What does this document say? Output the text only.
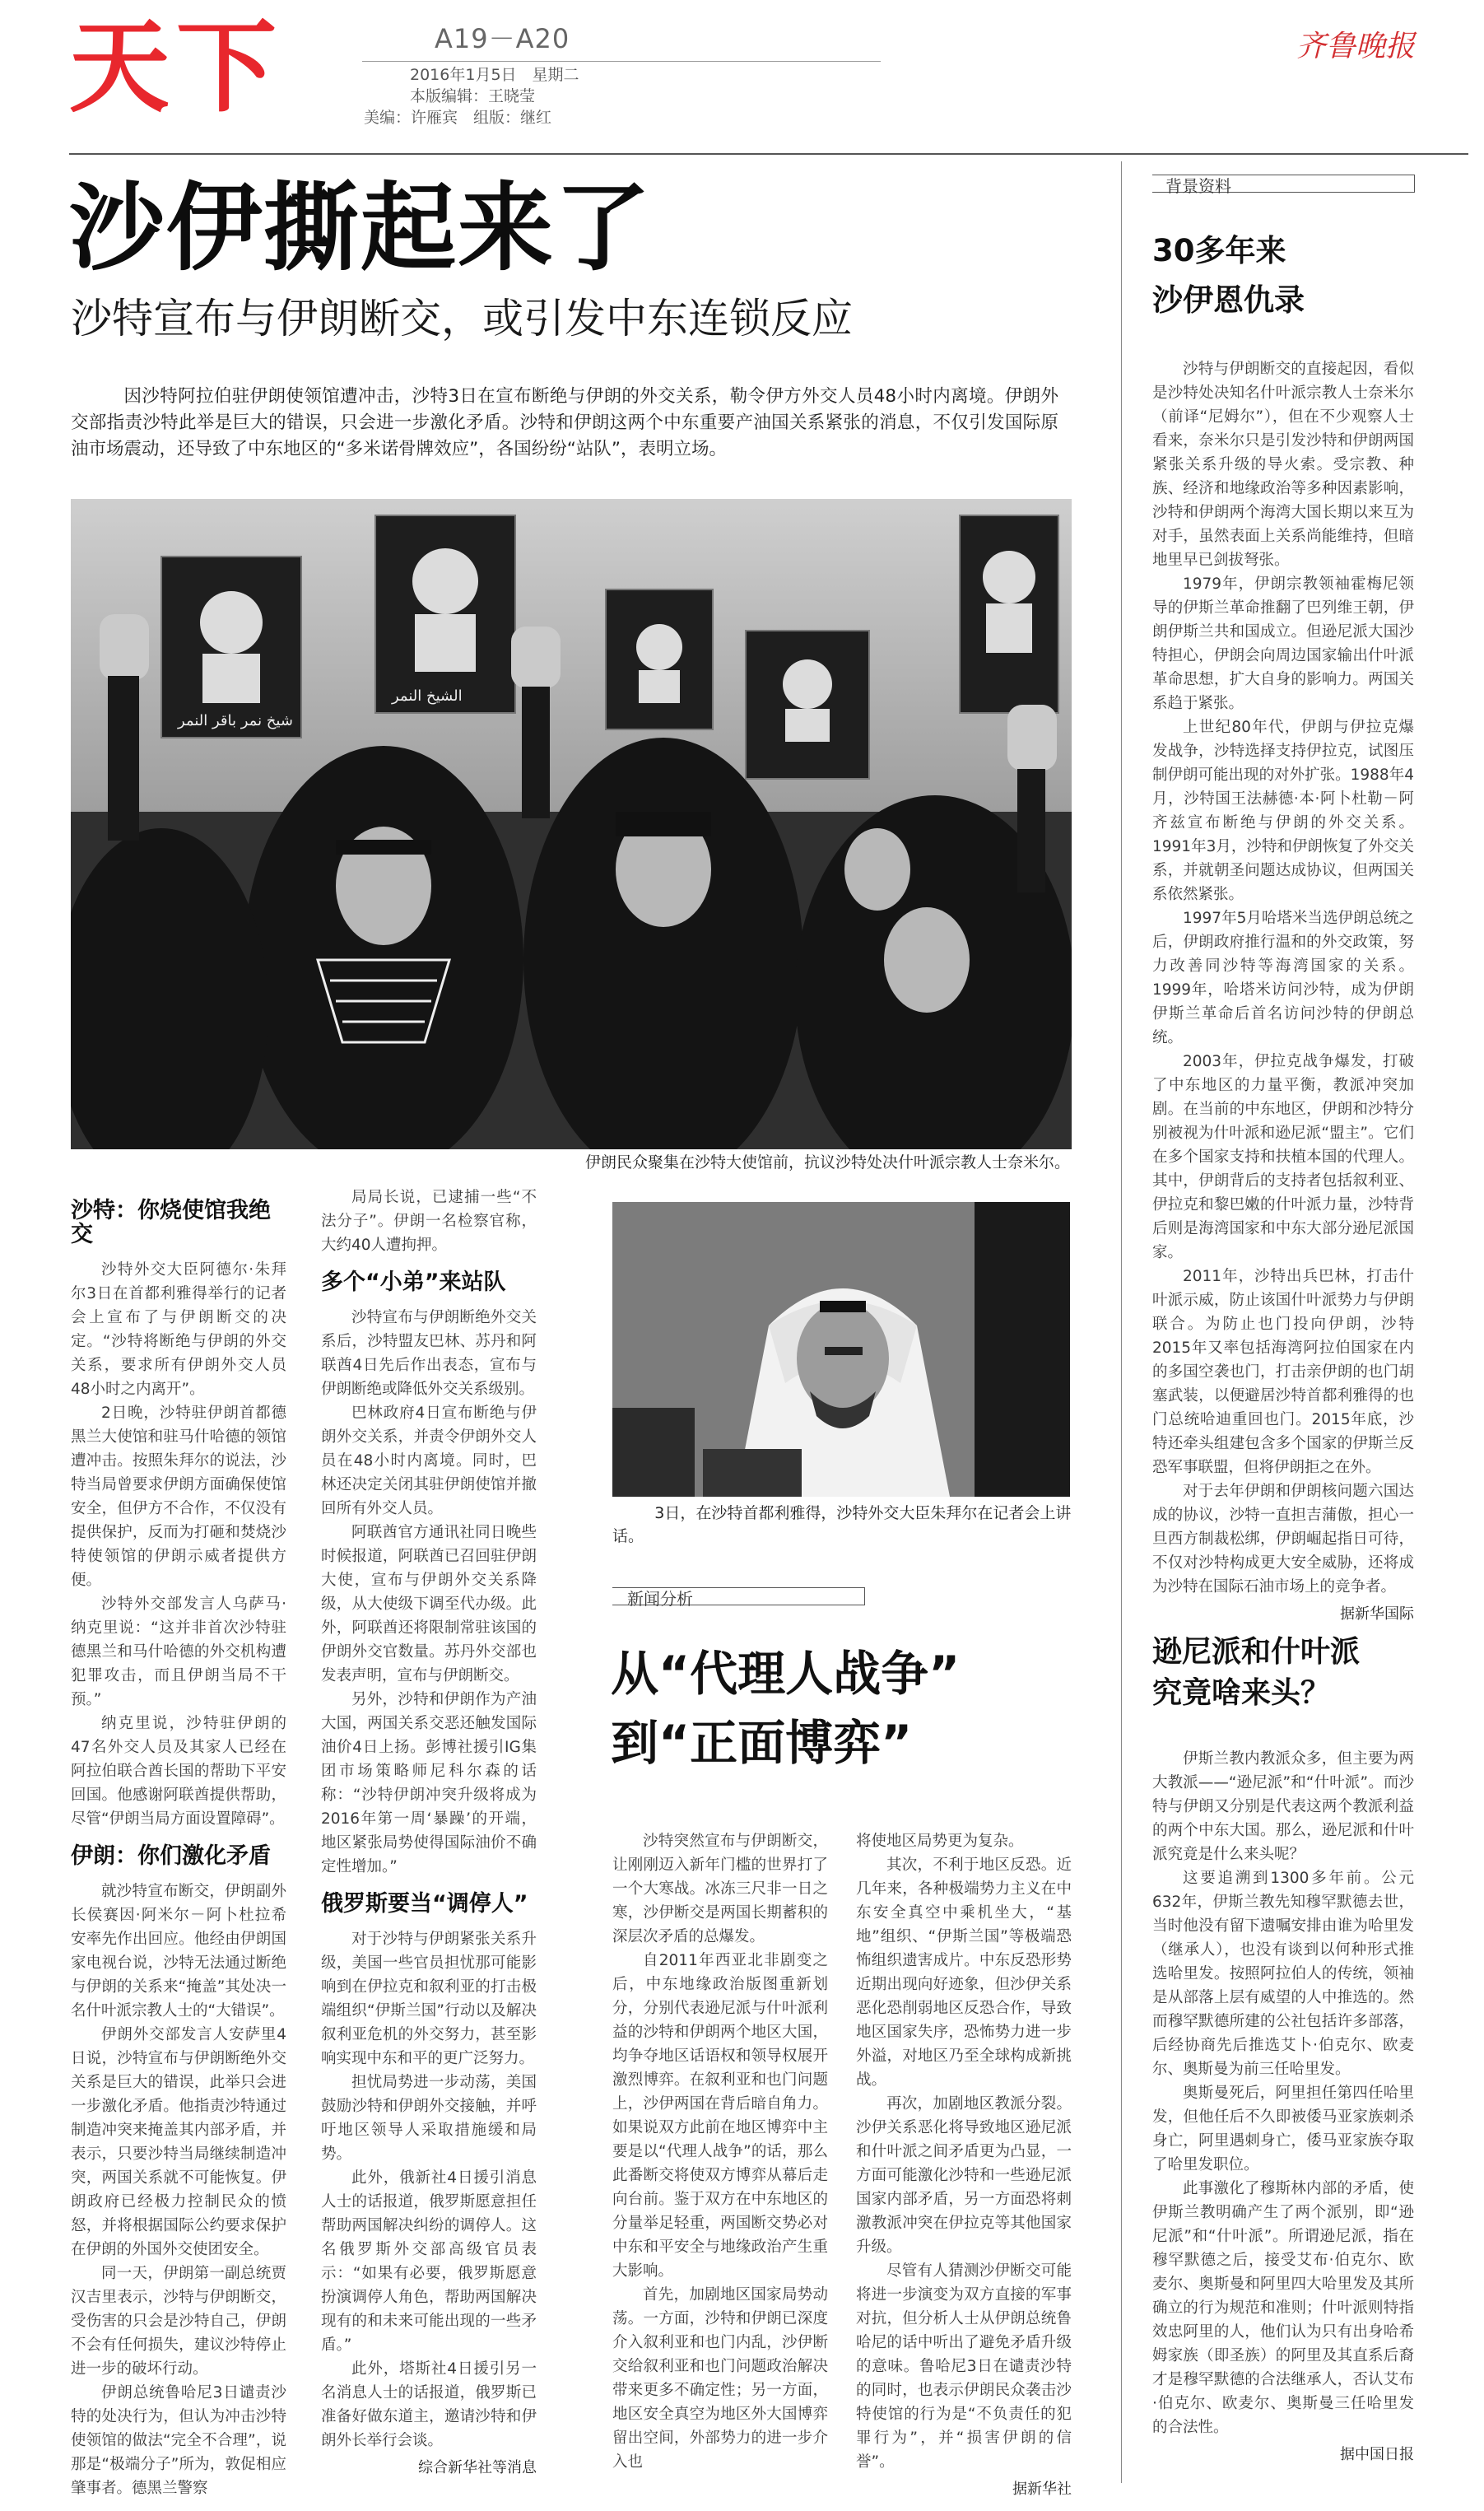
天下	A19－A20
2016年1月5日　星期二
本版编辑：王晓莹
美编：许雁宾　组版：继红
齐鲁晚报
沙伊撕起来了
沙特宣布与伊朗断交，或引发中东连锁反应
因沙特阿拉伯驻伊朗使领馆遭冲击，沙特3日在宣布断绝与伊朗的外交关系，勒令伊方外交人员48小时内离境。伊朗外交部指责沙特此举是巨大的错误，只会进一步激化矛盾。沙特和伊朗这两个中东重要产油国关系紧张的消息，不仅引发国际原油市场震动，还导致了中东地区的“多米诺骨牌效应”，各国纷纷“站队”，表明立场。
شيخ نمر باقر النمر
الشيخ النمر
伊朗民众聚集在沙特大使馆前，抗议沙特处决什叶派宗教人士奈米尔。
沙特：你烧使馆我绝交

沙特外交大臣阿德尔·朱拜尔3日在首都利雅得举行的记者会上宣布了与伊朗断交的决定。“沙特将断绝与伊朗的外交关系，要求所有伊朗外交人员48小时之内离开”。

2日晚，沙特驻伊朗首都德黑兰大使馆和驻马什哈德的领馆遭冲击。按照朱拜尔的说法，沙特当局曾要求伊朗方面确保使馆安全，但伊方不合作，不仅没有提供保护，反而为打砸和焚烧沙特使领馆的伊朗示威者提供方便。

沙特外交部发言人乌萨马·纳克里说：“这并非首次沙特驻德黑兰和马什哈德的外交机构遭犯罪攻击，而且伊朗当局不干预。”

纳克里说，沙特驻伊朗的47名外交人员及其家人已经在阿拉伯联合酋长国的帮助下平安回国。他感谢阿联酋提供帮助，尽管“伊朗当局方面设置障碍”。

伊朗：你们激化矛盾

就沙特宣布断交，伊朗副外长侯赛因·阿米尔－阿卜杜拉希安率先作出回应。他经由伊朗国家电视台说，沙特无法通过断绝与伊朗的关系来“掩盖”其处决一名什叶派宗教人士的“大错误”。

伊朗外交部发言人安萨里4日说，沙特宣布与伊朗断绝外交关系是巨大的错误，此举只会进一步激化矛盾。他指责沙特通过制造冲突来掩盖其内部矛盾，并表示，只要沙特当局继续制造冲突，两国关系就不可能恢复。伊朗政府已经极力控制民众的愤怒，并将根据国际公约要求保护在伊朗的外国外交使团安全。

同一天，伊朗第一副总统贾汉吉里表示，沙特与伊朗断交，受伤害的只会是沙特自己，伊朗不会有任何损失，建议沙特停止进一步的破坏行动。

伊朗总统鲁哈尼3日谴责沙特的处决行为，但认为冲击沙特使领馆的做法“完全不合理”，说那是“极端分子”所为，敦促相应肇事者。德黑兰警察

局局长说，已逮捕一些“不法分子”。伊朗一名检察官称，大约40人遭拘押。

多个“小弟”来站队

沙特宣布与伊朗断绝外交关系后，沙特盟友巴林、苏丹和阿联酋4日先后作出表态，宣布与伊朗断绝或降低外交关系级别。

巴林政府4日宣布断绝与伊朗外交关系，并责令伊朗外交人员在48小时内离境。同时，巴林还决定关闭其驻伊朗使馆并撤回所有外交人员。

阿联酋官方通讯社同日晚些时候报道，阿联酋已召回驻伊朗大使，宣布与伊朗外交关系降级，从大使级下调至代办级。此外，阿联酋还将限制常驻该国的伊朗外交官数量。苏丹外交部也发表声明，宣布与伊朗断交。

另外，沙特和伊朗作为产油大国，两国关系交恶还触发国际油价4日上扬。彭博社援引IG集团市场策略师尼科尔森的话称：“沙特伊朗冲突升级将成为2016年第一周‘暴躁’的开端，地区紧张局势使得国际油价不确定性增加。”

俄罗斯要当“调停人”

对于沙特与伊朗紧张关系升级，美国一些官员担忧那可能影响到在伊拉克和叙利亚的打击极端组织“伊斯兰国”行动以及解决叙利亚危机的外交努力，甚至影响实现中东和平的更广泛努力。

担忧局势进一步动荡，美国鼓励沙特和伊朗外交接触，并呼吁地区领导人采取措施缓和局势。

此外，俄新社4日援引消息人士的话报道，俄罗斯愿意担任帮助两国解决纠纷的调停人。这名俄罗斯外交部高级官员表示：“如果有必要，俄罗斯愿意扮演调停人角色，帮助两国解决现有的和未来可能出现的一些矛盾。”

此外，塔斯社4日援引另一名消息人士的话报道，俄罗斯已准备好做东道主，邀请沙特和伊朗外长举行会谈。

综合新华社等消息
3日，在沙特首都利雅得，沙特外交大臣朱拜尔在记者会上讲话。
新闻分析
从“代理人战争”
到“正面博弈”

沙特突然宣布与伊朗断交，让刚刚迈入新年门槛的世界打了一个大寒战。冰冻三尺非一日之寒，沙伊断交是两国长期蓄积的深层次矛盾的总爆发。

自2011年西亚北非剧变之后，中东地缘政治版图重新划分，分别代表逊尼派与什叶派利益的沙特和伊朗两个地区大国，均争夺地区话语权和领导权展开激烈博弈。在叙利亚和也门问题上，沙伊两国在背后暗自角力。如果说双方此前在地区博弈中主要是以“代理人战争”的话，那么此番断交将使双方博弈从幕后走向台前。鉴于双方在中东地区的分量举足轻重，两国断交势必对中东和平安全与地缘政治产生重大影响。

首先，加剧地区国家局势动荡。一方面，沙特和伊朗已深度介入叙利亚和也门内乱，沙伊断交给叙利亚和也门问题政治解决带来更多不确定性；另一方面，地区安全真空为地区外大国博弈留出空间，外部势力的进一步介入也

将使地区局势更为复杂。

其次，不利于地区反恐。近几年来，各种极端势力主义在中东安全真空中乘机坐大，“基地”组织、“伊斯兰国”等极端恐怖组织遗害成片。中东反恐形势近期出现向好迹象，但沙伊关系恶化恐削弱地区反恐合作，导致地区国家失序，恐怖势力进一步外溢，对地区乃至全球构成新挑战。

再次，加剧地区教派分裂。沙伊关系恶化将导致地区逊尼派和什叶派之间矛盾更为凸显，一方面可能激化沙特和一些逊尼派国家内部矛盾，另一方面恐将刺激教派冲突在伊拉克等其他国家升级。

尽管有人猜测沙伊断交可能将进一步演变为双方直接的军事对抗，但分析人士从伊朗总统鲁哈尼的话中听出了避免矛盾升级的意味。鲁哈尼3日在谴责沙特的同时，也表示伊朗民众袭击沙特使馆的行为是“不负责任的犯罪行为”，并“损害伊朗的信誉”。

据新华社
背景资料
30多年来
沙伊恩仇录

沙特与伊朗断交的直接起因，看似是沙特处决知名什叶派宗教人士奈米尔（前译“尼姆尔”），但在不少观察人士看来，奈米尔只是引发沙特和伊朗两国紧张关系升级的导火索。受宗教、种族、经济和地缘政治等多种因素影响，沙特和伊朗两个海湾大国长期以来互为对手，虽然表面上关系尚能维持，但暗地里早已剑拔弩张。

1979年，伊朗宗教领袖霍梅尼领导的伊斯兰革命推翻了巴列维王朝，伊朗伊斯兰共和国成立。但逊尼派大国沙特担心，伊朗会向周边国家输出什叶派革命思想，扩大自身的影响力。两国关系趋于紧张。

上世纪80年代，伊朗与伊拉克爆发战争，沙特选择支持伊拉克，试图压制伊朗可能出现的对外扩张。1988年4月，沙特国王法赫德·本·阿卜杜勒－阿齐兹宣布断绝与伊朗的外交关系。1991年3月，沙特和伊朗恢复了外交关系，并就朝圣问题达成协议，但两国关系依然紧张。

1997年5月哈塔米当选伊朗总统之后，伊朗政府推行温和的外交政策，努力改善同沙特等海湾国家的关系。1999年，哈塔米访问沙特，成为伊朗伊斯兰革命后首名访问沙特的伊朗总统。

2003年，伊拉克战争爆发，打破了中东地区的力量平衡，教派冲突加剧。在当前的中东地区，伊朗和沙特分别被视为什叶派和逊尼派“盟主”。它们在多个国家支持和扶植本国的代理人。其中，伊朗背后的支持者包括叙利亚、伊拉克和黎巴嫩的什叶派力量，沙特背后则是海湾国家和中东大部分逊尼派国家。

2011年，沙特出兵巴林，打击什叶派示威，防止该国什叶派势力与伊朗联合。为防止也门投向伊朗，沙特2015年又率包括海湾阿拉伯国家在内的多国空袭也门，打击亲伊朗的也门胡塞武装，以便避居沙特首都利雅得的也门总统哈迪重回也门。2015年底，沙特还牵头组建包含多个国家的伊斯兰反恐军事联盟，但将伊朗拒之在外。

对于去年伊朗和伊朗核问题六国达成的协议，沙特一直担吉蒲傲，担心一旦西方制裁松绑，伊朗崛起指日可待，不仅对沙特构成更大安全威胁，还将成为沙特在国际石油市场上的竞争者。

据新华国际
逊尼派和什叶派
究竟啥来头？

伊斯兰教内教派众多，但主要为两大教派——“逊尼派”和“什叶派”。而沙特与伊朗又分别是代表这两个教派利益的两个中东大国。那么，逊尼派和什叶派究竟是什么来头呢？

这要追溯到1300多年前。公元632年，伊斯兰教先知穆罕默德去世，当时他没有留下遗嘱安排由谁为哈里发（继承人），也没有谈到以何种形式推选哈里发。按照阿拉伯人的传统，领袖是从部落上层有威望的人中推选的。然而穆罕默德所建的公社包括许多部落，后经协商先后推选艾卜·伯克尔、欧麦尔、奥斯曼为前三任哈里发。

奥斯曼死后，阿里担任第四任哈里发，但他任后不久即被倭马亚家族刺杀身亡，阿里遇刺身亡，倭马亚家族夺取了哈里发职位。

此事激化了穆斯林内部的矛盾，使伊斯兰教明确产生了两个派别，即“逊尼派”和“什叶派”。所谓逊尼派，指在穆罕默德之后，接受艾布·伯克尔、欧麦尔、奥斯曼和阿里四大哈里发及其所确立的行为规范和准则；什叶派则特指效忠阿里的人，他们认为只有出身哈希姆家族（即圣族）的阿里及其直系后裔才是穆罕默德的合法继承人，否认艾布·伯克尔、欧麦尔、奥斯曼三任哈里发的合法性。

据中国日报
